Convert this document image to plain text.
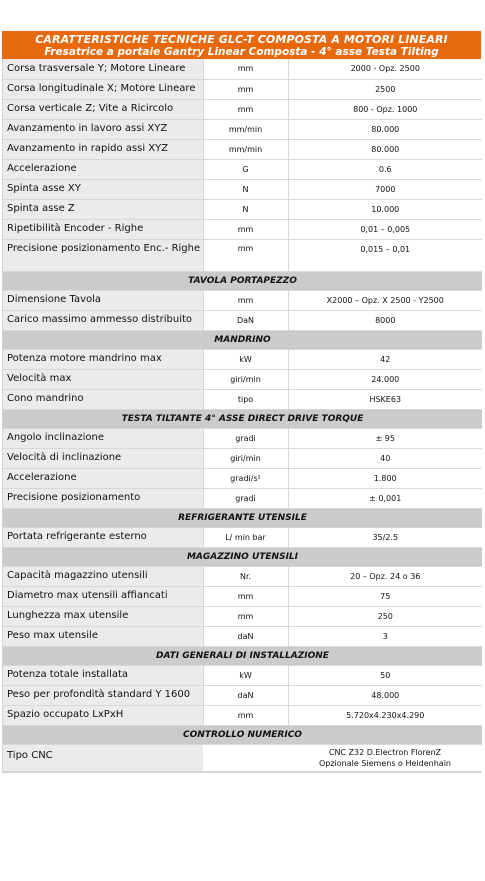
CARATTERISTICHE TECNICHE GLC-T COMPOSTA A MOTORI LINEARI
Fresatrice a portale Gantry Linear Composta - 4° asse Testa Tilting
Corsa trasversale Y; Motore Lineare	mm	2000 - Opz. 2500
Corsa longitudinale X; Motore Lineare	mm	2500
Corsa verticale Z; Vite a Ricircolo	mm	800 - Opz. 1000
Avanzamento in lavoro assi XYZ	mm/min	80.000
Avanzamento in rapido assi XYZ	mm/min	80.000
Accelerazione	G	0.6
Spinta asse XY	N	7000
Spinta asse Z	N	10.000
Ripetibilità Encoder - Righe	mm	0,01 – 0,005
Precisione posizionamento Enc.- Righe	mm	0,015 – 0,01
TAVOLA PORTAPEZZO		
Dimensione Tavola	mm	X2000 – Opz. X 2500 - Y2500
Carico massimo ammesso distribuito	DaN	8000
MANDRINO		
Potenza motore mandrino max	kW	42
Velocità max	giri/min	24.000
Cono mandrino	tipo	HSKE63
TESTA TILTANTE 4° ASSE DIRECT DRIVE TORQUE		
Angolo inclinazione	gradi	± 95
Velocità di inclinazione	giri/min	40
Accelerazione	gradi/s²	1.800
Precisione posizionamento	gradi	± 0,001
REFRIGERANTE UTENSILE		
Portata refrigerante esterno	L/ min bar	35/2.5
MAGAZZINO UTENSILI		
Capacità magazzino utensili	Nr.	20 – Opz. 24 o 36
Diametro max utensili affiancati	mm	75
Lunghezza max utensile	mm	250
Peso max utensile	daN	3
DATI GENERALI DI INSTALLAZIONE		
Potenza totale installata	kW	50
Peso per profondità standard Y 1600	daN	48.000
Spazio occupato LxPxH	mm	5.720x4.230x4.290
CONTROLLO NUMERICO		
Tipo CNC		CNC Z32 D.Electron FlorenZ
Opzionale Siemens o Heidenhain
